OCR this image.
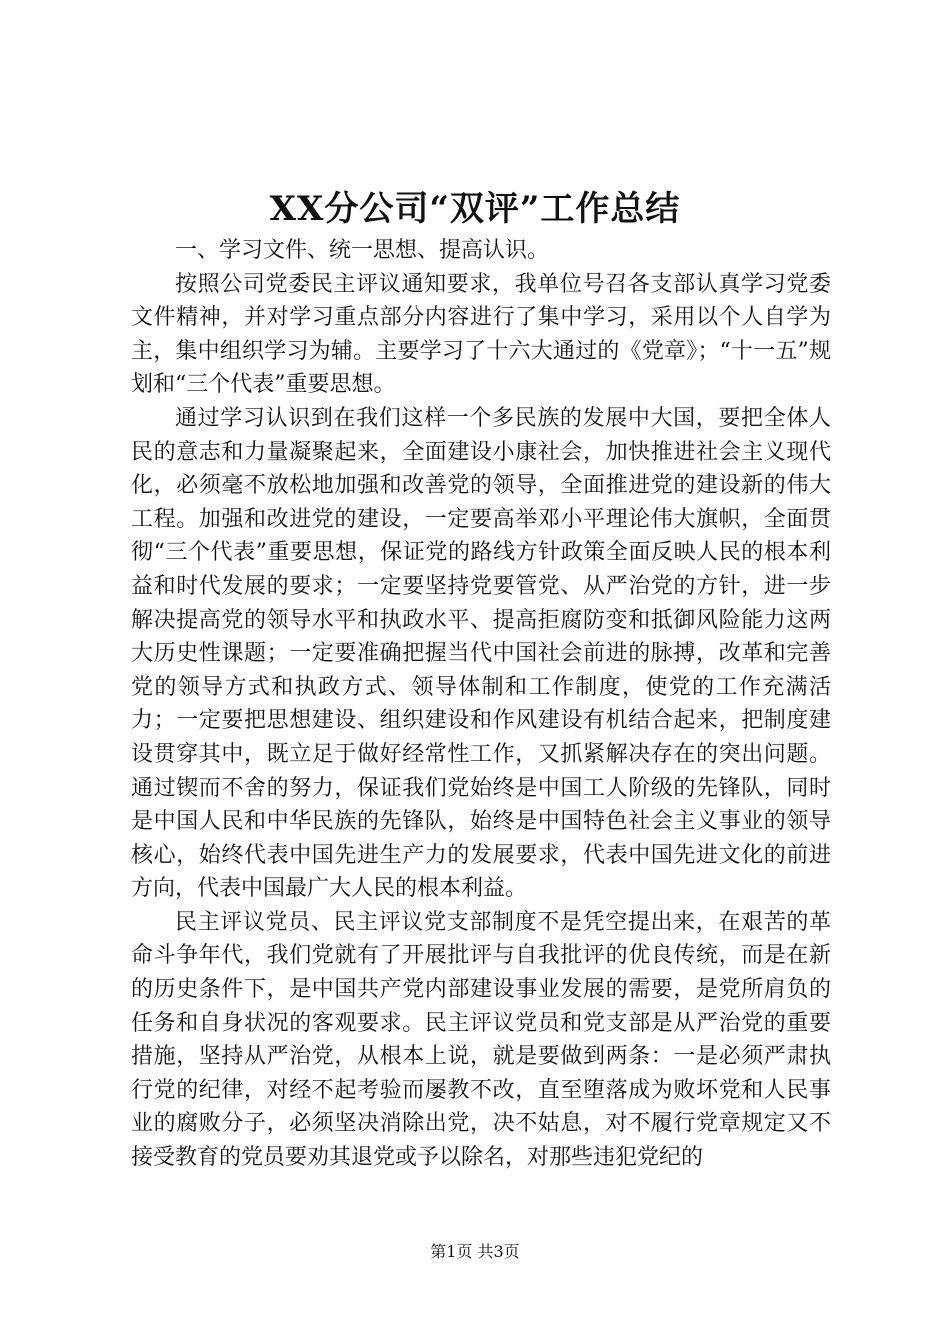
XX分公司“双评”工作总结

一、学习文件、统一思想、提高认识。

按照公司党委民主评议通知要求，我单位号召各支部认真学习党委文件精神，并对学习重点部分内容进行了集中学习，采用以个人自学为主，集中组织学习为辅。主要学习了十六大通过的《党章》；“十一五”规划和“三个代表”重要思想。

通过学习认识到在我们这样一个多民族的发展中大国，要把全体人民的意志和力量凝聚起来，全面建设小康社会，加快推进社会主义现代化，必须毫不放松地加强和改善党的领导，全面推进党的建设新的伟大工程。加强和改进党的建设，一定要高举邓小平理论伟大旗帜，全面贯彻“三个代表”重要思想，保证党的路线方针政策全面反映人民的根本利益和时代发展的要求；一定要坚持党要管党、从严治党的方针，进一步解决提高党的领导水平和执政水平、提高拒腐防变和抵御风险能力这两大历史性课题；一定要准确把握当代中国社会前进的脉搏，改革和完善党的领导方式和执政方式、领导体制和工作制度，使党的工作充满活力；一定要把思想建设、组织建设和作风建设有机结合起来，把制度建设贯穿其中，既立足于做好经常性工作，又抓紧解决存在的突出问题。通过锲而不舍的努力，保证我们党始终是中国工人阶级的先锋队，同时是中国人民和中华民族的先锋队，始终是中国特色社会主义事业的领导核心，始终代表中国先进生产力的发展要求，代表中国先进文化的前进方向，代表中国最广大人民的根本利益。

民主评议党员、民主评议党支部制度不是凭空提出来，在艰苦的革命斗争年代，我们党就有了开展批评与自我批评的优良传统，而是在新的历史条件下，是中国共产党内部建设事业发展的需要，是党所肩负的任务和自身状况的客观要求。民主评议党员和党支部是从严治党的重要措施，坚持从严治党，从根本上说，就是要做到两条：一是必须严肃执行党的纪律，对经不起考验而屡教不改，直至堕落成为败坏党和人民事业的腐败分子，必须坚决消除出党，决不姑息，对不履行党章规定又不接受教育的党员要劝其退党或予以除名，对那些违犯党纪的

第1页 共3页
